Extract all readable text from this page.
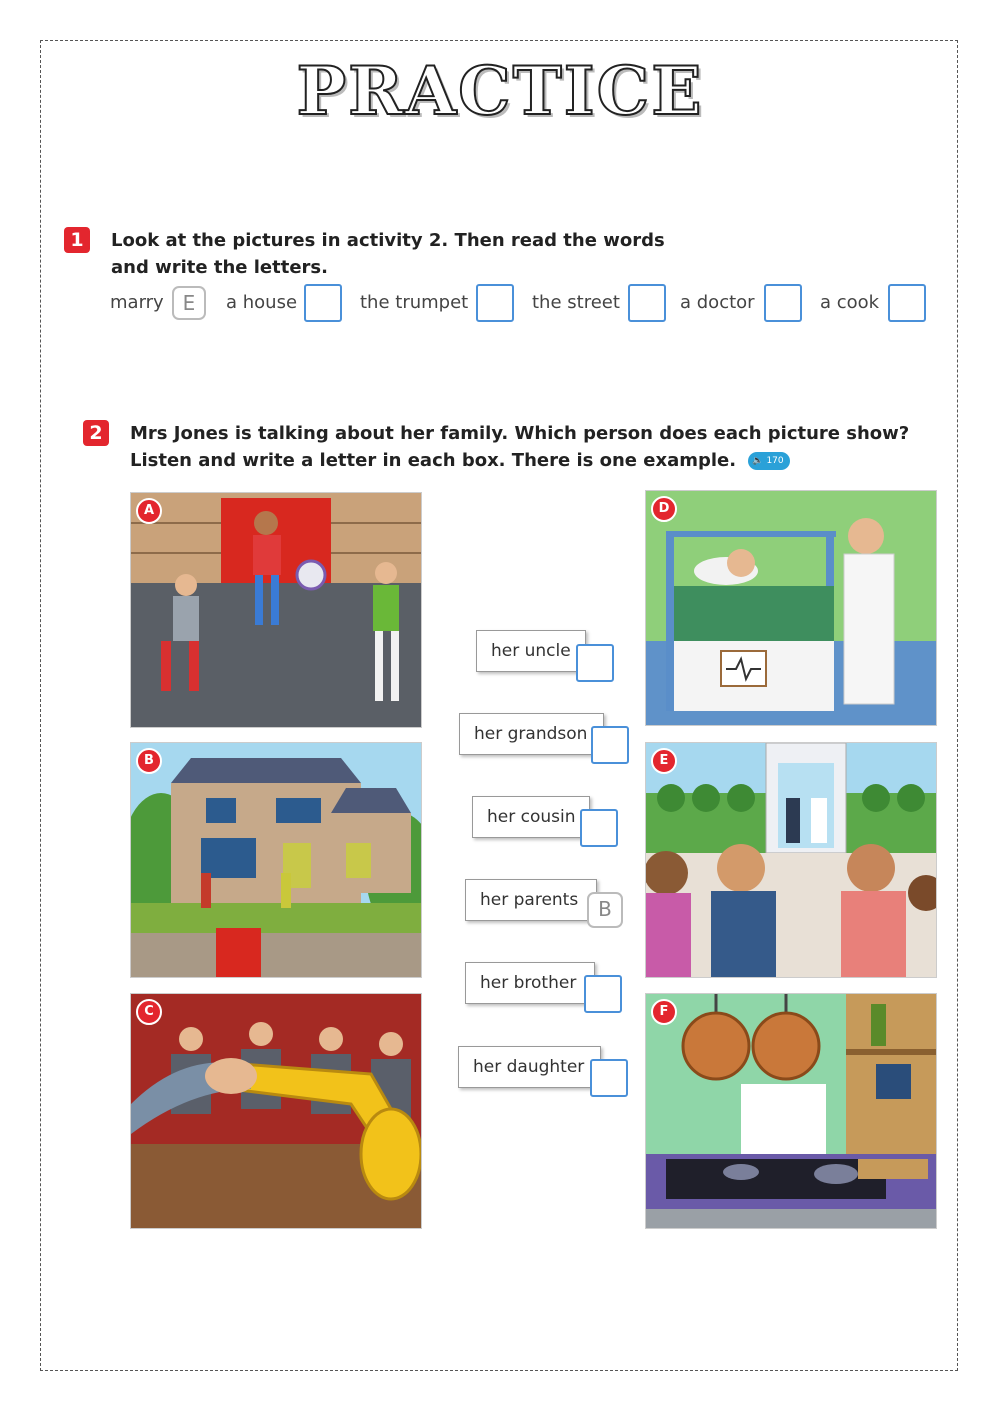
PRACTICE
1	Look at the pictures in activity 2. Then read the words
and write the letters.
marry E	a house	the trumpet	the street	a doctor	a cook
2	Mrs Jones is talking about her family. Which person does each picture show?
Listen and write a letter in each box. There is one example. 🔈 170
A
B
C
D
E
F
her uncle
her grandson
her cousin
her parents B
her brother
her daughter
